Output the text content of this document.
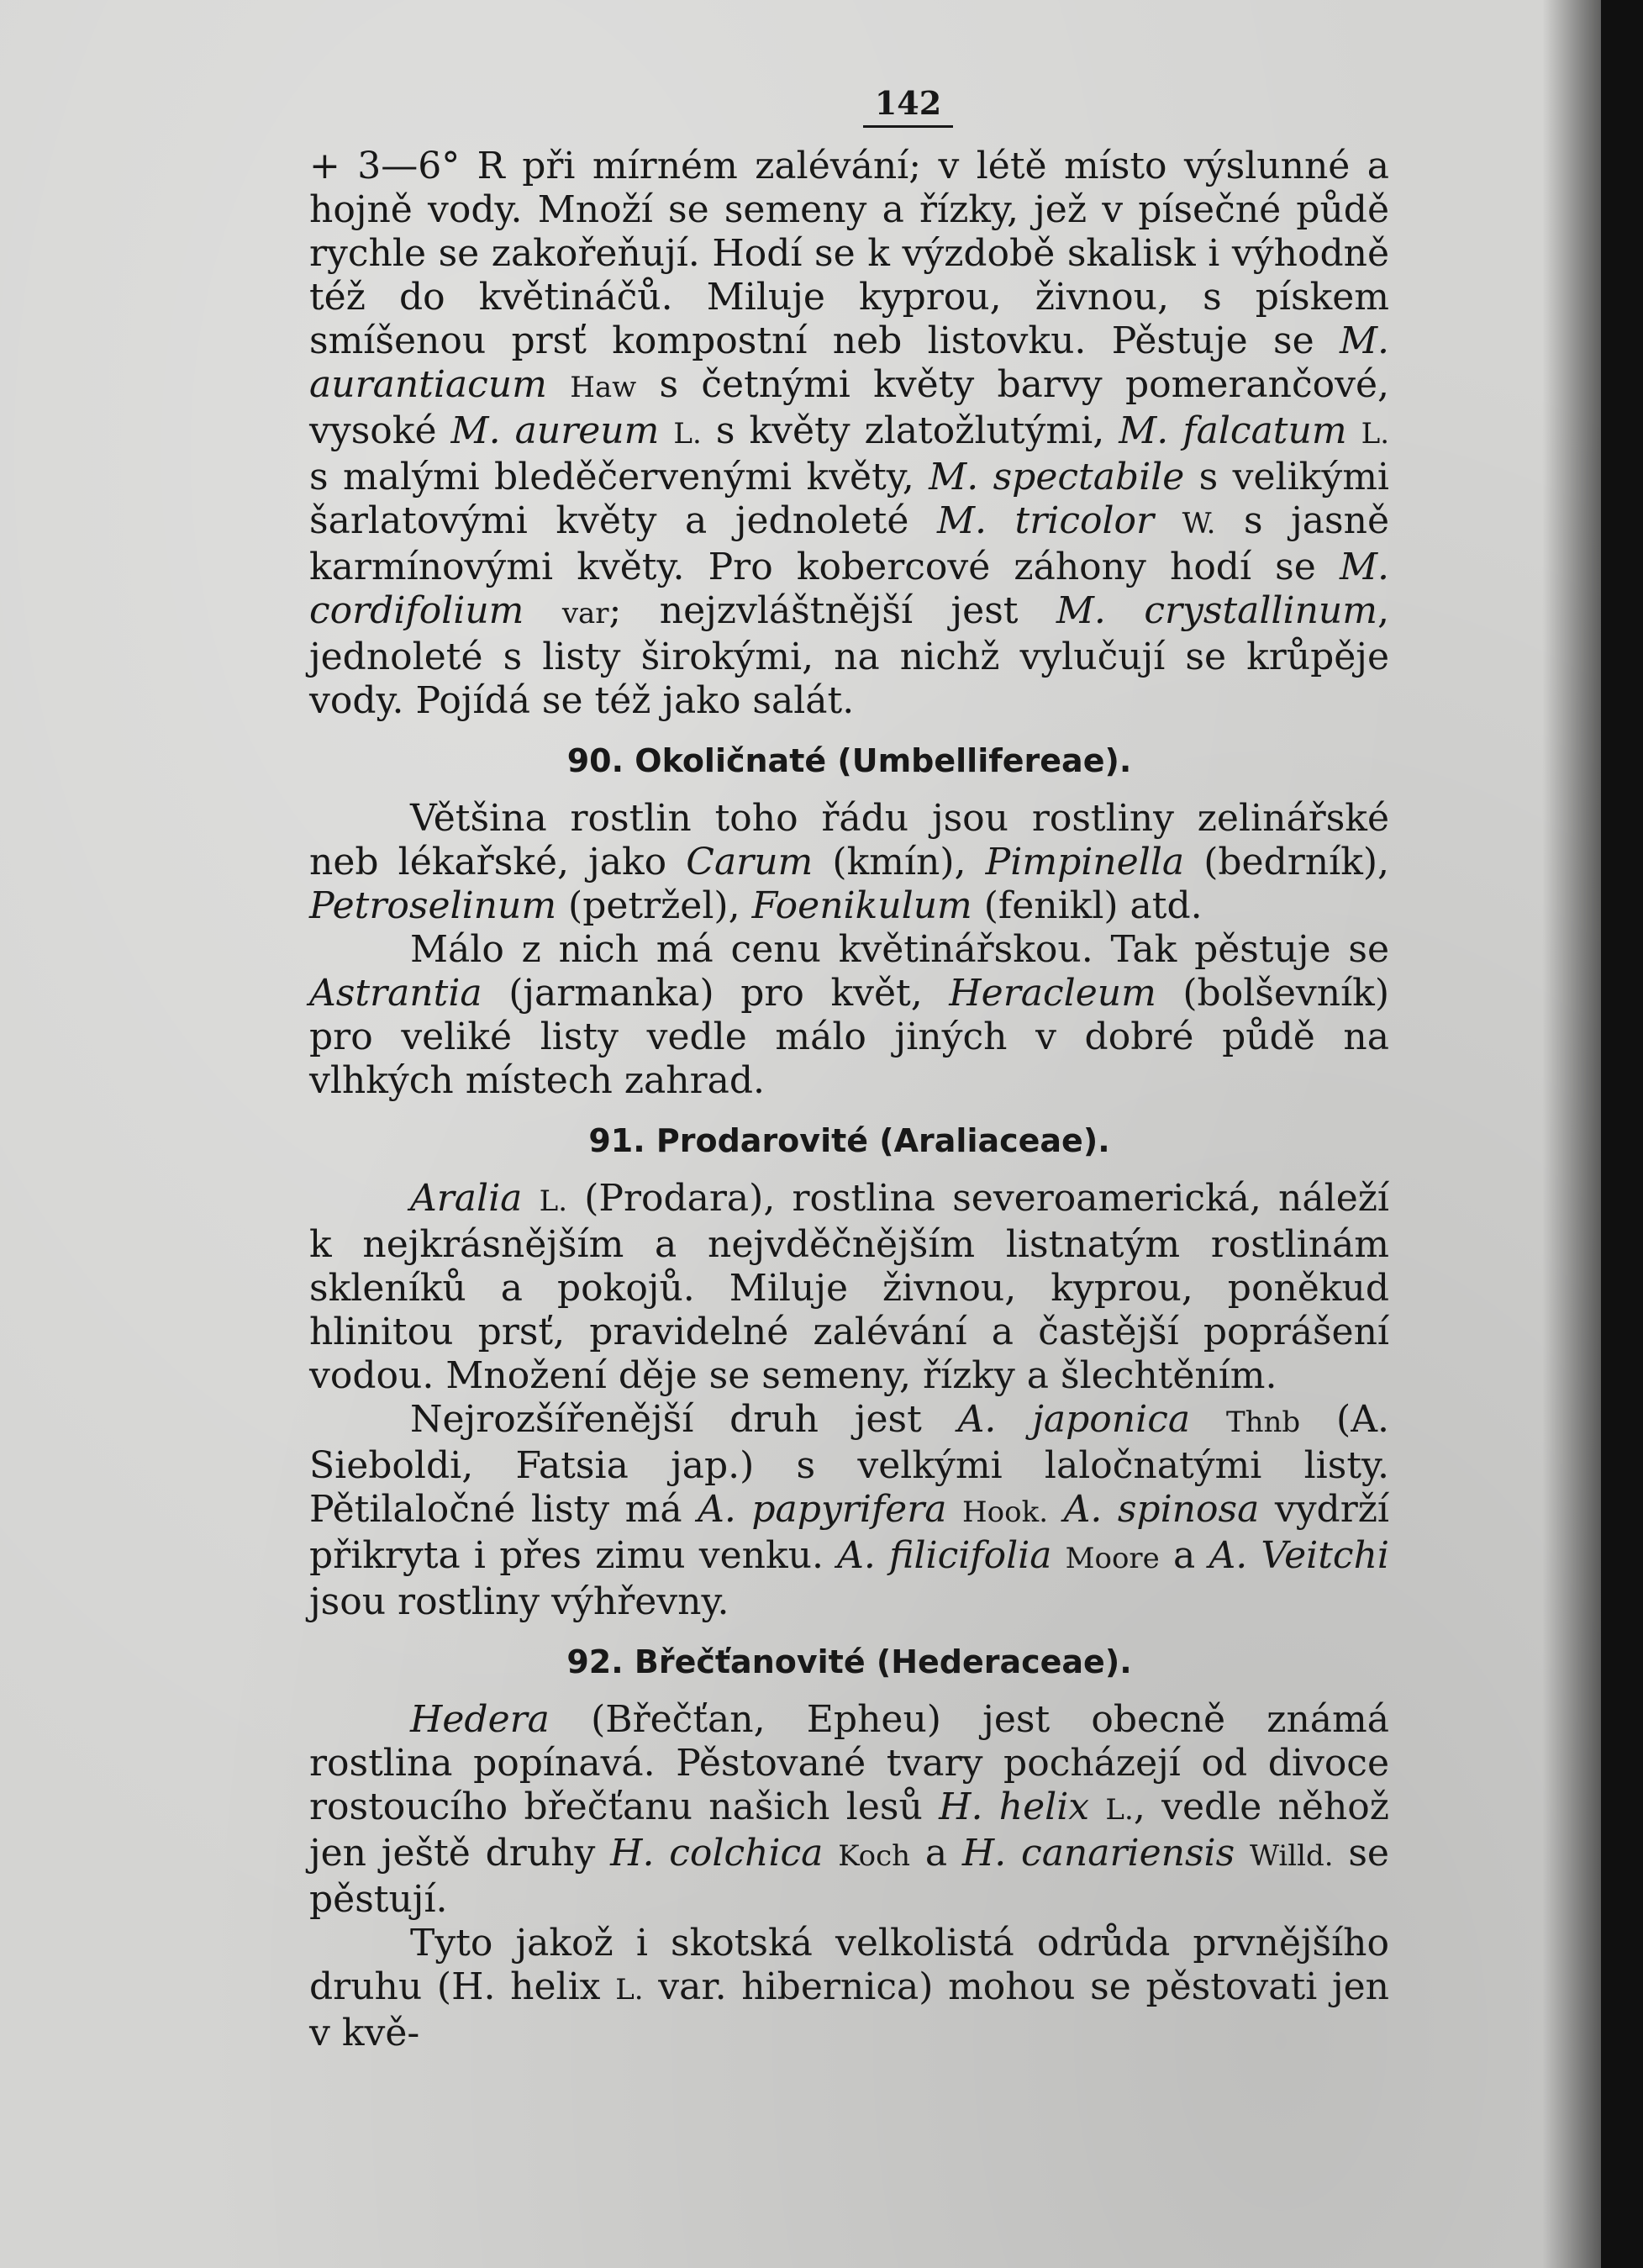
142

+ 3—6° R při mírném zalévání; v létě místo výslunné a hojně vody. Množí se semeny a řízky, jež v písečné půdě rychle se zakořeňují. Hodí se k výzdobě skalisk i výhodně též do květináčů. Miluje kyprou, živnou, s pískem smíšenou prsť kompostní neb listovku. Pěstuje se M. aurantiacum Haw s četnými květy barvy pomerančové, vysoké M. aureum L. s květy zlatožlutými, M. falcatum L. s malými bleděčervenými květy, M. spectabile s velikými šarlatovými květy a jednoleté M. tricolor W. s jasně karmínovými květy. Pro kobercové záhony hodí se M. cordifolium var; nejzvláštnější jest M. crystallinum, jednoleté s listy širokými, na nichž vylučují se krůpěje vody. Pojídá se též jako salát.

90. Okoličnaté (Umbelliferеae).

Většina rostlin toho řádu jsou rostliny zelinářské neb lékařské, jako Carum (kmín), Pimpinella (bedrník), Petroselinum (petržel), Foenikulum (fenikl) atd.

Málo z nich má cenu květinářskou. Tak pěstuje se Astrantia (jarmanka) pro květ, Heracleum (bolševník) pro veliké listy vedle málo jiných v dobré půdě na vlhkých místech zahrad.

91. Prodarovité (Araliaceae).

Aralia L. (Prodara), rostlina severoamerická, náleží k nejkrásnějším a nejvděčnějším listnatým rostlinám skleníků a pokojů. Miluje živnou, kyprou, poněkud hlinitou prsť, pravidelné zalévání a častější poprášení vodou. Množení děje se semeny, řízky a šlechtěním.

Nejrozšířenější druh jest A. japonica Thnb (A. Sieboldi, Fatsia jap.) s velkými laločnatými listy. Pětilaločné listy má A. papyrifera Hook. A. spinosa vydrží přikryta i přes zimu venku. A. filicifolia Moore a A. Veitchi jsou rostliny výhřevny.

92. Břečťanovité (Hederaceae).

Hedera (Břečťan, Epheu) jest obecně známá rostlina popínavá. Pěstované tvary pocházejí od divoce rostoucího břečťanu našich lesů H. helix L., vedle něhož jen ještě druhy H. colchica Koch a H. canariensis Willd. se pěstují.

Tyto jakož i skotská velkolistá odrůda prvnějšího druhu (H. helix L. var. hibernica) mohou se pěstovati jen v kvě-
